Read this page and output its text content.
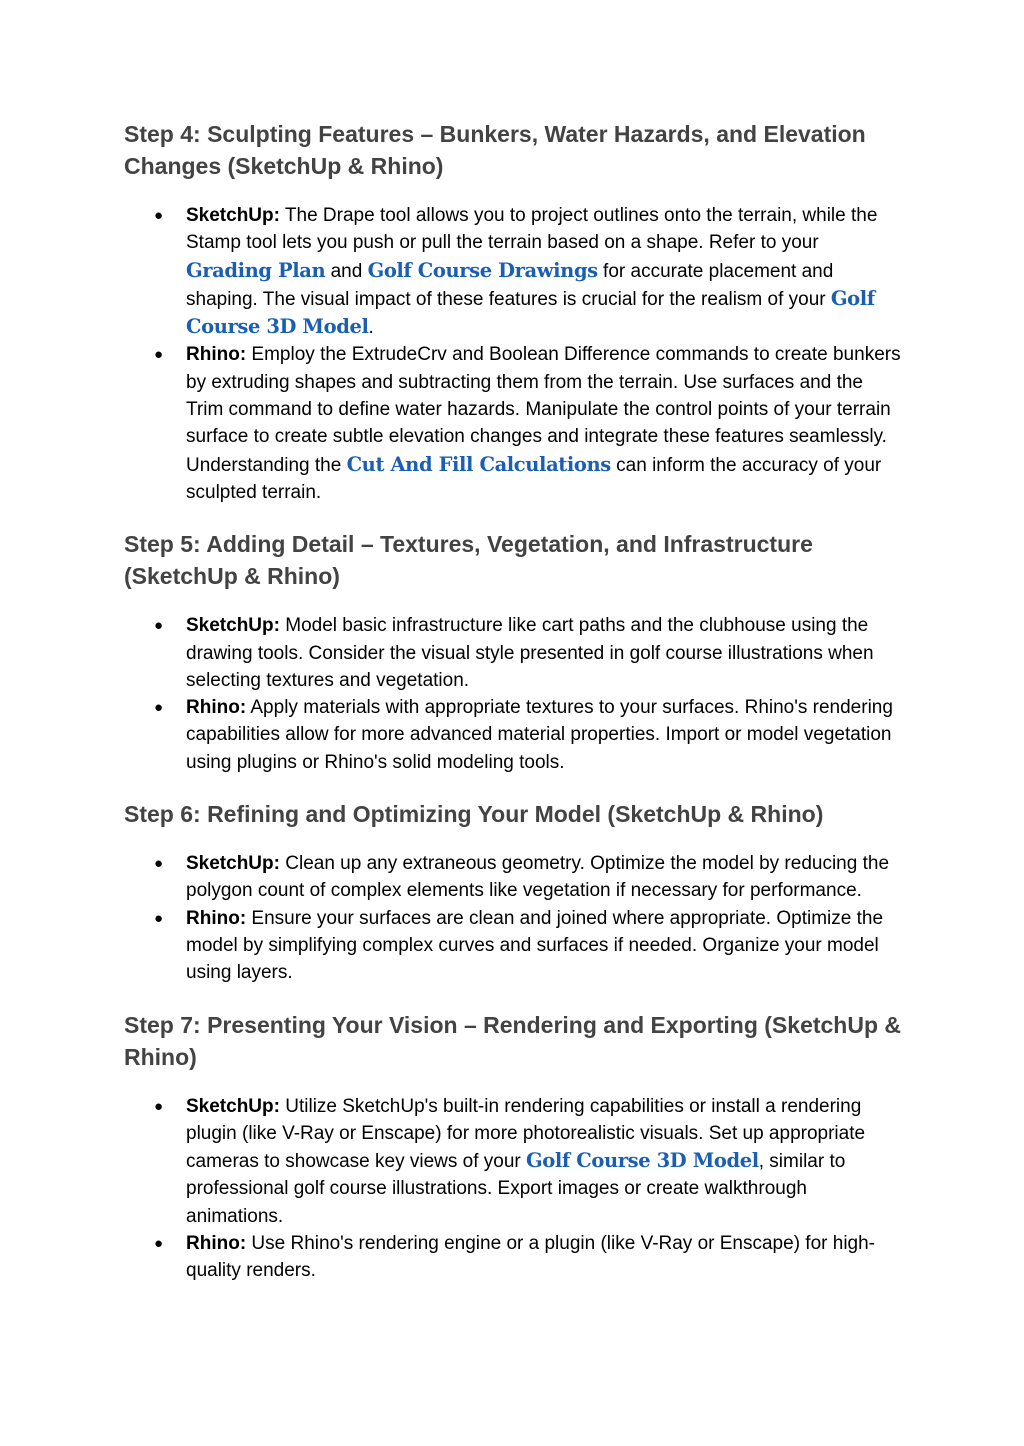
Step 4: Sculpting Features – Bunkers, Water Hazards, and Elevation Changes (SketchUp & Rhino)
● SketchUp: The Drape tool allows you to project outlines onto the terrain, while the Stamp tool lets you push or pull the terrain based on a shape. Refer to your Grading Plan and Golf Course Drawings for accurate placement and shaping. The visual impact of these features is crucial for the realism of your Golf Course 3D Model.
● Rhino: Employ the ExtrudeCrv and Boolean Difference commands to create bunkers by extruding shapes and subtracting them from the terrain. Use surfaces and the Trim command to define water hazards. Manipulate the control points of your terrain surface to create subtle elevation changes and integrate these features seamlessly. Understanding the Cut And Fill Calculations can inform the accuracy of your sculpted terrain.
Step 5: Adding Detail – Textures, Vegetation, and Infrastructure (SketchUp & Rhino)
● SketchUp: Model basic infrastructure like cart paths and the clubhouse using the drawing tools. Consider the visual style presented in golf course illustrations when selecting textures and vegetation.
● Rhino: Apply materials with appropriate textures to your surfaces. Rhino's rendering capabilities allow for more advanced material properties. Import or model vegetation using plugins or Rhino's solid modeling tools.
Step 6: Refining and Optimizing Your Model (SketchUp & Rhino)
● SketchUp: Clean up any extraneous geometry. Optimize the model by reducing the polygon count of complex elements like vegetation if necessary for performance.
● Rhino: Ensure your surfaces are clean and joined where appropriate. Optimize the model by simplifying complex curves and surfaces if needed. Organize your model using layers.
Step 7: Presenting Your Vision – Rendering and Exporting (SketchUp & Rhino)
● SketchUp: Utilize SketchUp's built-in rendering capabilities or install a rendering plugin (like V-Ray or Enscape) for more photorealistic visuals. Set up appropriate cameras to showcase key views of your Golf Course 3D Model, similar to professional golf course illustrations. Export images or create walkthrough animations.
● Rhino: Use Rhino's rendering engine or a plugin (like V-Ray or Enscape) for high-quality renders.
